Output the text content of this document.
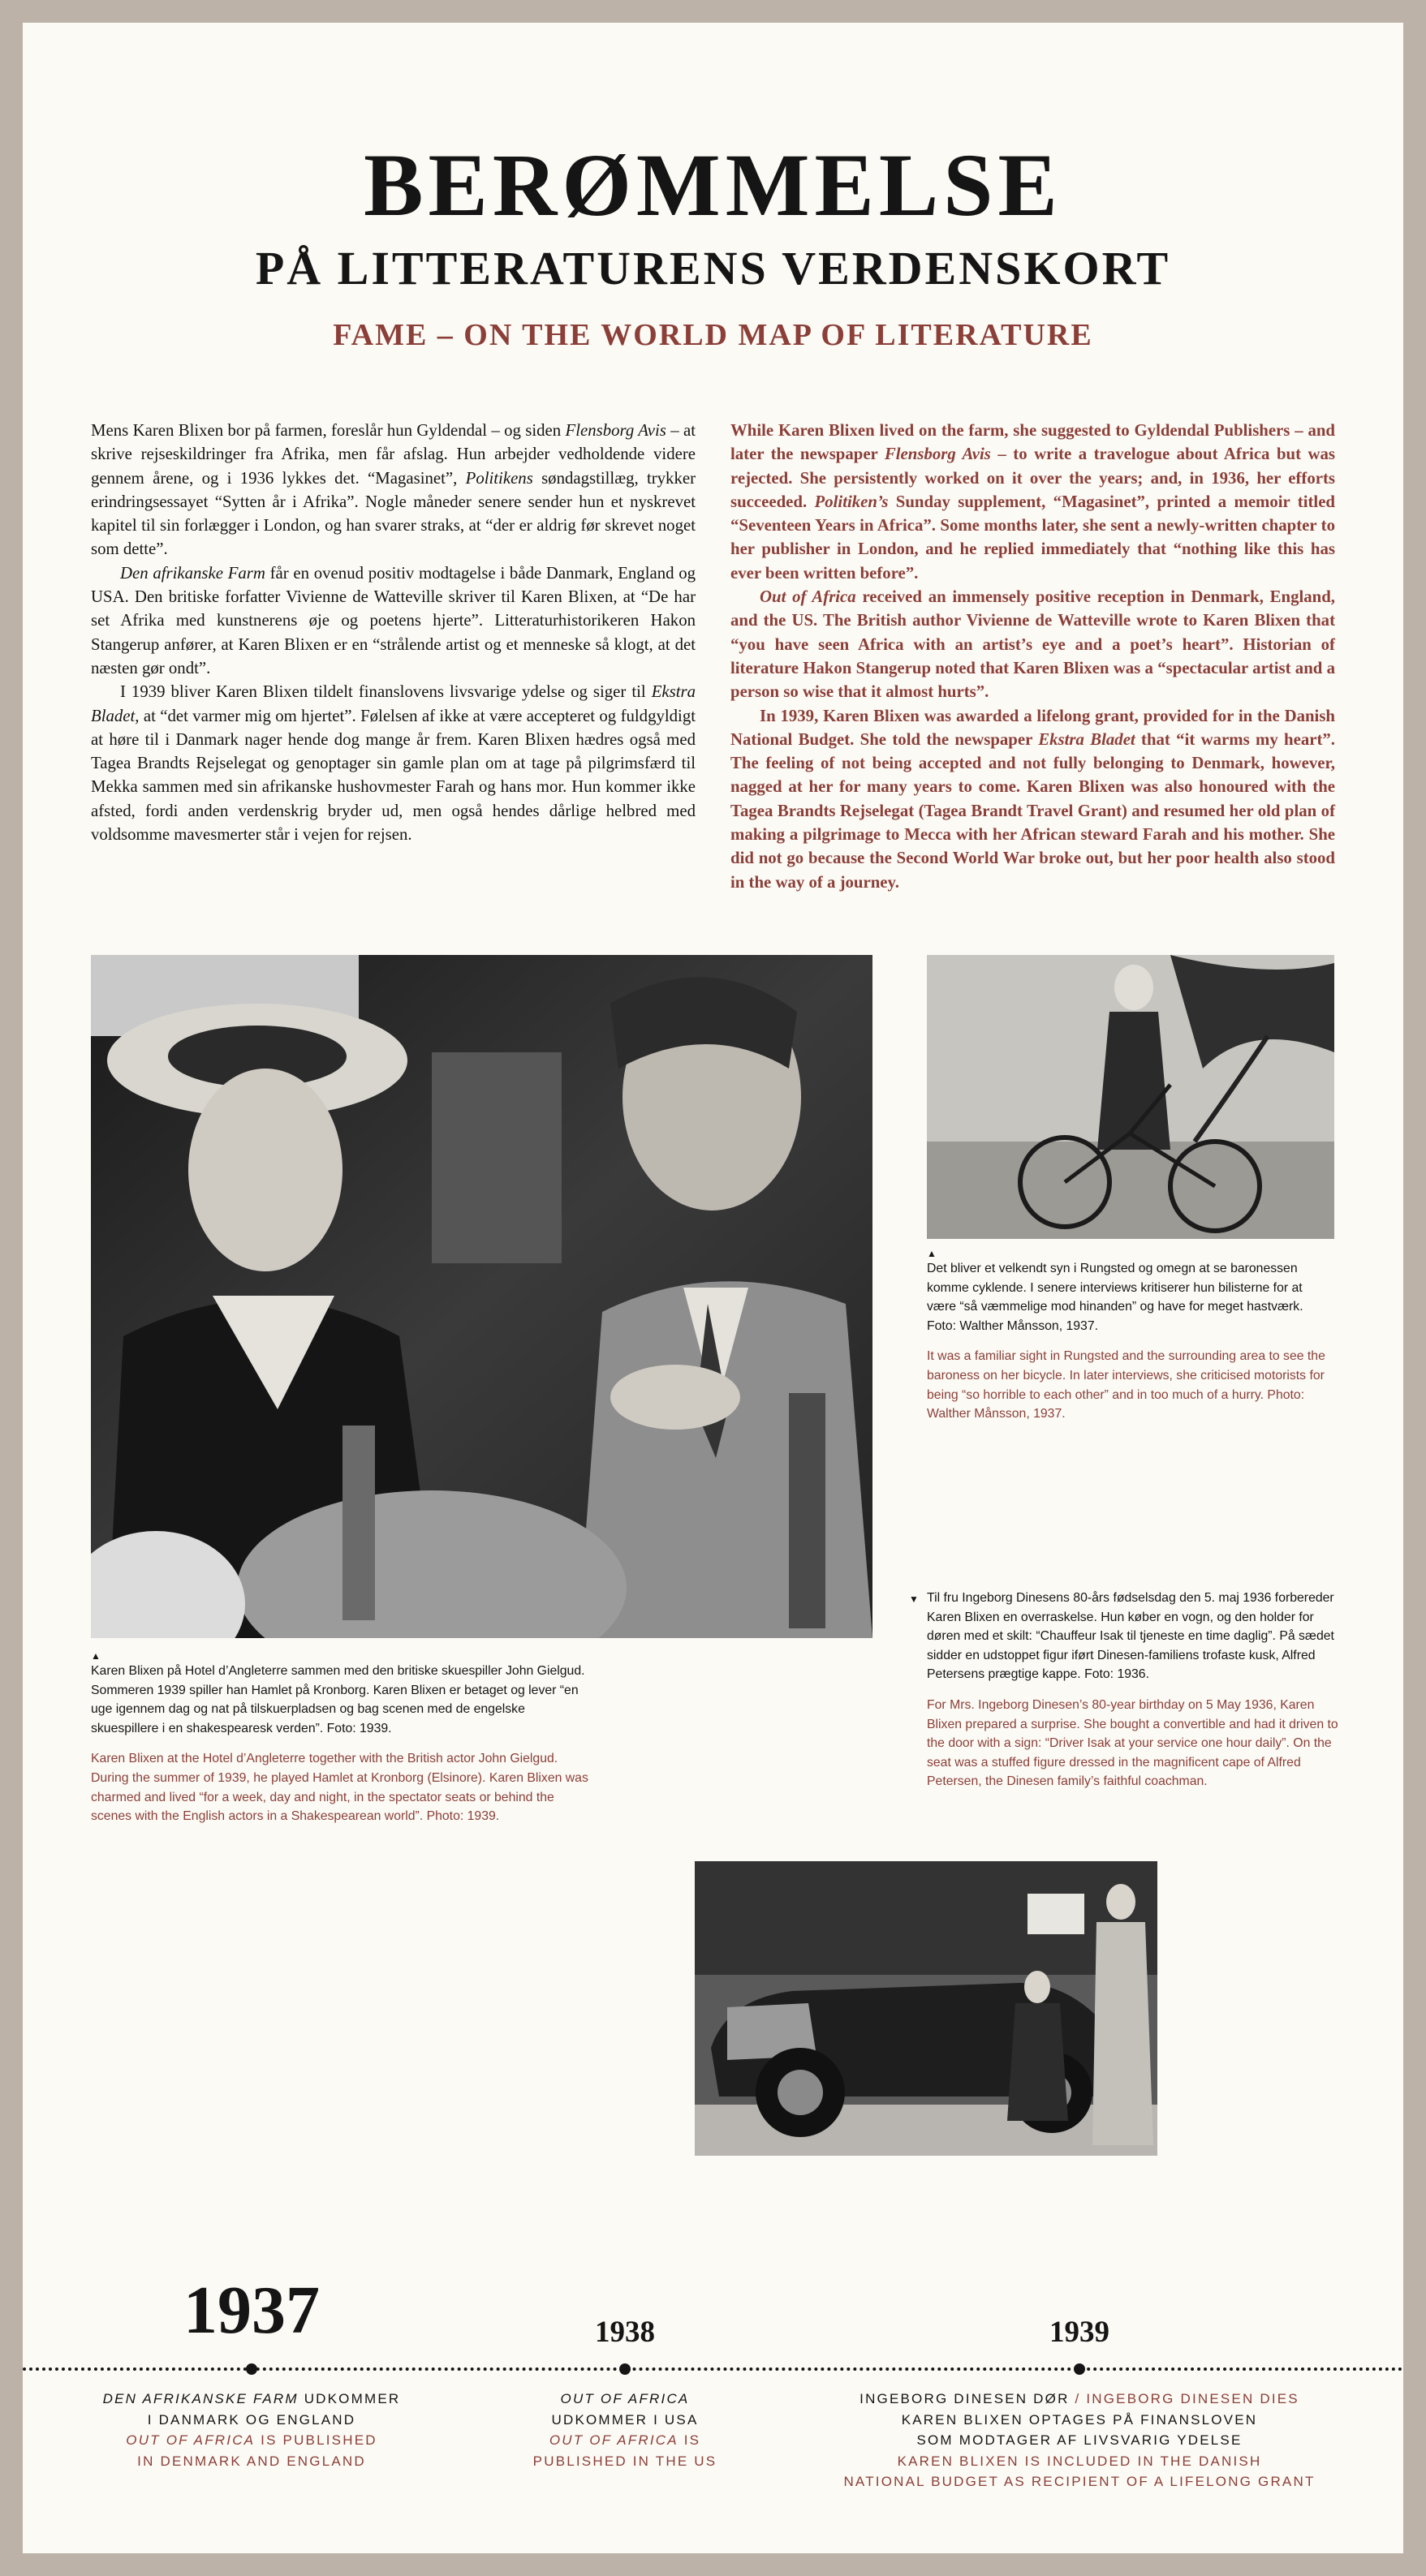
BERØMMELSE
PÅ LITTERATURENS VERDENSKORT
FAME – ON THE WORLD MAP OF LITERATURE

Mens Karen Blixen bor på farmen, foreslår hun Gyldendal – og siden Flensborg Avis – at skrive rejseskildringer fra Afrika, men får afslag. Hun arbejder vedholdende videre gennem årene, og i 1936 lykkes det. “Magasinet”, Politikens søndagstillæg, trykker erindringsessayet “Sytten år i Afrika”. Nogle måneder senere sender hun et nyskrevet kapitel til sin forlægger i London, og han svarer straks, at “der er aldrig før skrevet noget som dette”.

Den afrikanske Farm får en ovenud positiv modtagelse i både Danmark, England og USA. Den britiske forfatter Vivienne de Watteville skriver til Karen Blixen, at “De har set Afrika med kunstnerens øje og poetens hjerte”. Litteraturhistorikeren Hakon Stangerup anfører, at Karen Blixen er en “strålende artist og et menneske så klogt, at det næsten gør ondt”.

I 1939 bliver Karen Blixen tildelt finanslovens livsvarige ydelse og siger til Ekstra Bladet, at “det varmer mig om hjertet”. Følelsen af ikke at være accepteret og fuldgyldigt at høre til i Danmark nager hende dog mange år frem. Karen Blixen hædres også med Tagea Brandts Rejselegat og genoptager sin gamle plan om at tage på pilgrimsfærd til Mekka sammen med sin afrikanske hushovmester Farah og hans mor. Hun kommer ikke afsted, fordi anden verdenskrig bryder ud, men også hendes dårlige helbred med voldsomme mavesmerter står i vejen for rejsen.

While Karen Blixen lived on the farm, she suggested to Gyldendal Publishers – and later the newspaper Flensborg Avis – to write a travelogue about Africa but was rejected. She persistently worked on it over the years; and, in 1936, her efforts succeeded. Politiken’s Sunday supplement, “Magasinet”, printed a memoir titled “Seventeen Years in Africa”. Some months later, she sent a newly-written chapter to her publisher in London, and he replied immediately that “nothing like this has ever been written before”.

Out of Africa received an immensely positive reception in Denmark, England, and the US. The British author Vivienne de Watteville wrote to Karen Blixen that “you have seen Africa with an artist’s eye and a poet’s heart”. Historian of literature Hakon Stangerup noted that Karen Blixen was a “spectacular artist and a person so wise that it almost hurts”.

In 1939, Karen Blixen was awarded a lifelong grant, provided for in the Danish National Budget. She told the newspaper Ekstra Bladet that “it warms my heart”. The feeling of not being accepted and not fully belonging to Denmark, however, nagged at her for many years to come. Karen Blixen was also honoured with the Tagea Brandts Rejselegat (Tagea Brandt Travel Grant) and resumed her old plan of making a pilgrimage to Mecca with her African steward Farah and his mother. She did not go because the Second World War broke out, but her poor health also stood in the way of a journey.

▲
Karen Blixen på Hotel d’Angleterre sammen med den britiske skuespiller John Gielgud. Sommeren 1939 spiller han Hamlet på Kronborg. Karen Blixen er betaget og lever “en uge igennem dag og nat på tilskuerpladsen og bag scenen med de engelske skuespillere i en shakespearesk verden”. Foto: 1939.
Karen Blixen at the Hotel d’Angleterre together with the British actor John Gielgud. During the summer of 1939, he played Hamlet at Kronborg (Elsinore). Karen Blixen was charmed and lived “for a week, day and night, in the spectator seats or behind the scenes with the English actors in a Shakespearean world”. Photo: 1939.
▲
Det bliver et velkendt syn i Rungsted og omegn at se baronessen komme cyklende. I senere interviews kritiserer hun bilisterne for at være “så væmmelige mod hinanden” og have for meget hastværk. Foto: Walther Månsson, 1937.
It was a familiar sight in Rungsted and the surrounding area to see the baroness on her bicycle. In later interviews, she criticised motorists for being “so horrible to each other” and in too much of a hurry. Photo: Walther Månsson, 1937.
▼ Til fru Ingeborg Dinesens 80-års fødselsdag den 5. maj 1936 forbereder Karen Blixen en overraskelse. Hun køber en vogn, og den holder for døren med et skilt: “Chauffeur Isak til tjeneste en time daglig”. På sædet sidder en udstoppet figur iført Dinesen-familiens trofaste kusk, Alfred Petersens prægtige kappe. Foto: 1936.
For Mrs. Ingeborg Dinesen’s 80-year birthday on 5 May 1936, Karen Blixen prepared a surprise. She bought a convertible and had it driven to the door with a sign: “Driver Isak at your service one hour daily”. On the seat was a stuffed figure dressed in the magnificent cape of Alfred Petersen, the Dinesen family’s faithful coachman.
1937	1938	1939
DEN AFRIKANSKE FARM UDKOMMER
I DANMARK OG ENGLAND
OUT OF AFRICA IS PUBLISHED
IN DENMARK AND ENGLAND
OUT OF AFRICA
UDKOMMER I USA
OUT OF AFRICA IS
PUBLISHED IN THE US
INGEBORG DINESEN DØR / INGEBORG DINESEN DIES
KAREN BLIXEN OPTAGES PÅ FINANSLOVEN
SOM MODTAGER AF LIVSVARIG YDELSE
KAREN BLIXEN IS INCLUDED IN THE DANISH
NATIONAL BUDGET AS RECIPIENT OF A LIFELONG GRANT
